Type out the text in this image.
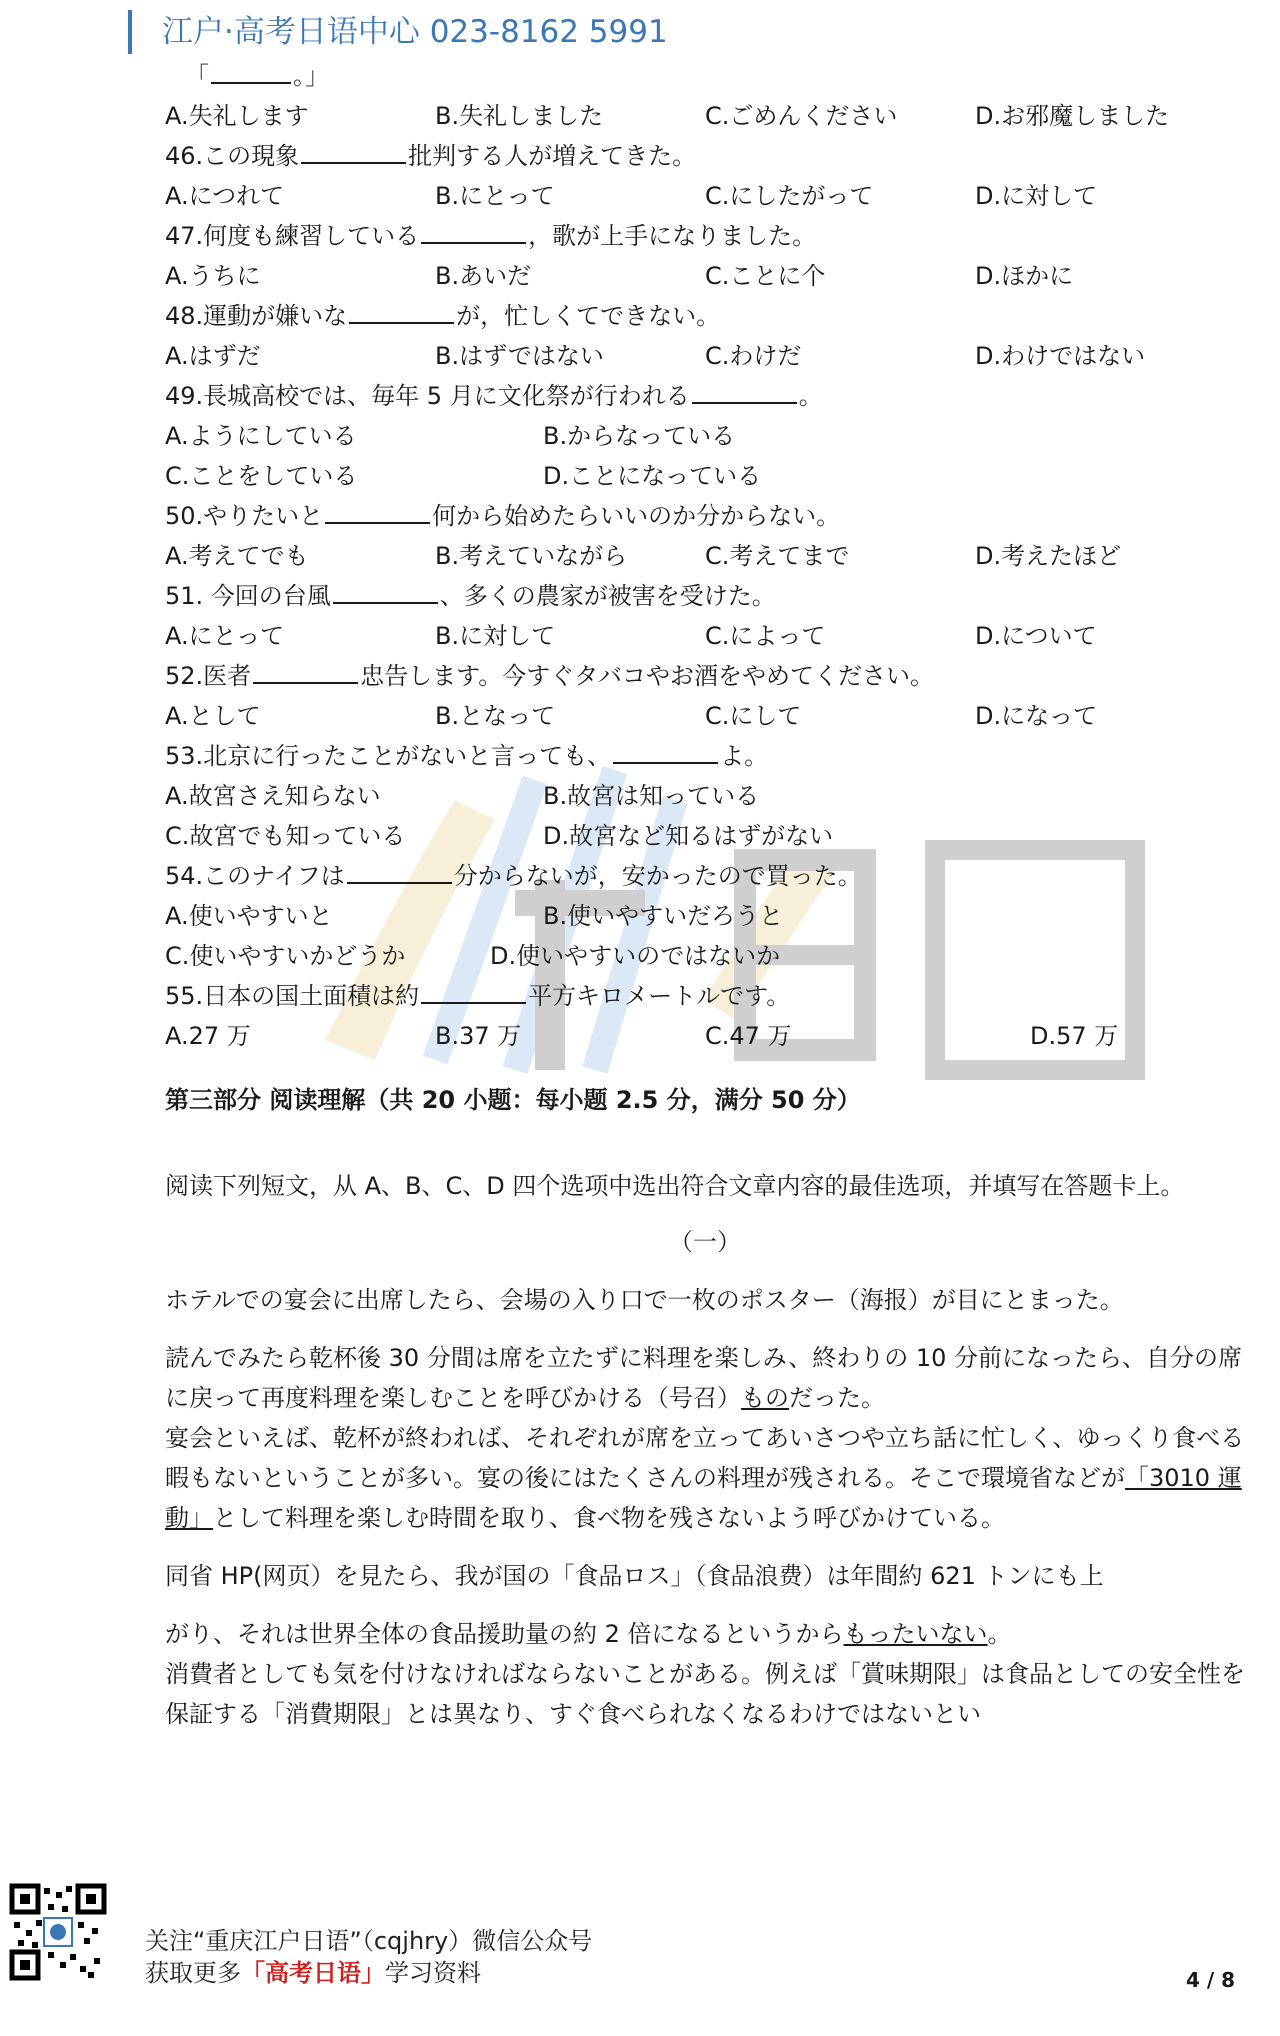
江户·高考日语中心 023-8162 5991
「	。」
A.失礼します	B.失礼しました	C.ごめんください	D.お邪魔しました
46.この現象	批判する人が増えてきた。
A.につれて	B.にとって	C.にしたがって	D.に対して
47.何度も練習している	，歌が上手になりました。
A.うちに	B.あいだ	C.ことに个	D.ほかに
48.運動が嫌いな	が，忙しくてできない。
A.はずだ	B.はずではない	C.わけだ	D.わけではない
49.長城高校では、毎年 5 月に文化祭が行われる	。
A.ようにしている	B.からなっている
C.ことをしている	D.ことになっている
50.やりたいと	何から始めたらいいのか分からない。
A.考えてでも	B.考えていながら	C.考えてまで	D.考えたほど
51. 今回の台風	、多くの農家が被害を受けた。
A.にとって	B.に対して	C.によって	D.について
52.医者	忠告します。今すぐタバコやお酒をやめてください。
A.として	B.となって	C.にして	D.になって
53.北京に行ったことがないと言っても、	よ。
A.故宮さえ知らない	B.故宮は知っている
C.故宮でも知っている	D.故宮など知るはずがない
54.このナイフは	分からないが，安かったので買った。
A.使いやすいと	B.使いやすいだろうと
C.使いやすいかどうか	D.使いやすいのではないか
55.日本の国土面積は約	平方キロメートルです。
A.27 万	B.37 万	C.47 万	D.57 万
第三部分 阅读理解（共 20 小题：每小题 2.5 分，满分 50 分）

阅读下列短文，从 A、B、C、D 四个选项中选出符合文章内容的最佳选项，并填写在答题卡上。

（一）

ホテルでの宴会に出席したら、会場の入り口で一枚のポスター（海报）が目にとまった。

読んでみたら乾杯後 30 分間は席を立たずに料理を楽しみ、終わりの 10 分前になったら、自分の席に戻って再度料理を楽しむことを呼びかける（号召）ものだった。

宴会といえば、乾杯が終われば、それぞれが席を立ってあいさつや立ち話に忙しく、ゆっくり食べる暇もないということが多い。宴の後にはたくさんの料理が残される。そこで環境省などが「3010 運動」として料理を楽しむ時間を取り、食べ物を残さないよう呼びかけている。

同省 HP(网页）を見たら、我が国の「食品ロス」（食品浪费）は年間約 621 トンにも上

がり、それは世界全体の食品援助量の約 2 倍になるというからもったいない。

消費者としても気を付けなければならないことがある。例えば「賞味期限」は食品としての安全性を保証する「消費期限」とは異なり、すぐ食べられなくなるわけではないとい

关注“重庆江户日语”（cqjhry）微信公众号
获取更多「高考日语」学习资料	4 / 8
